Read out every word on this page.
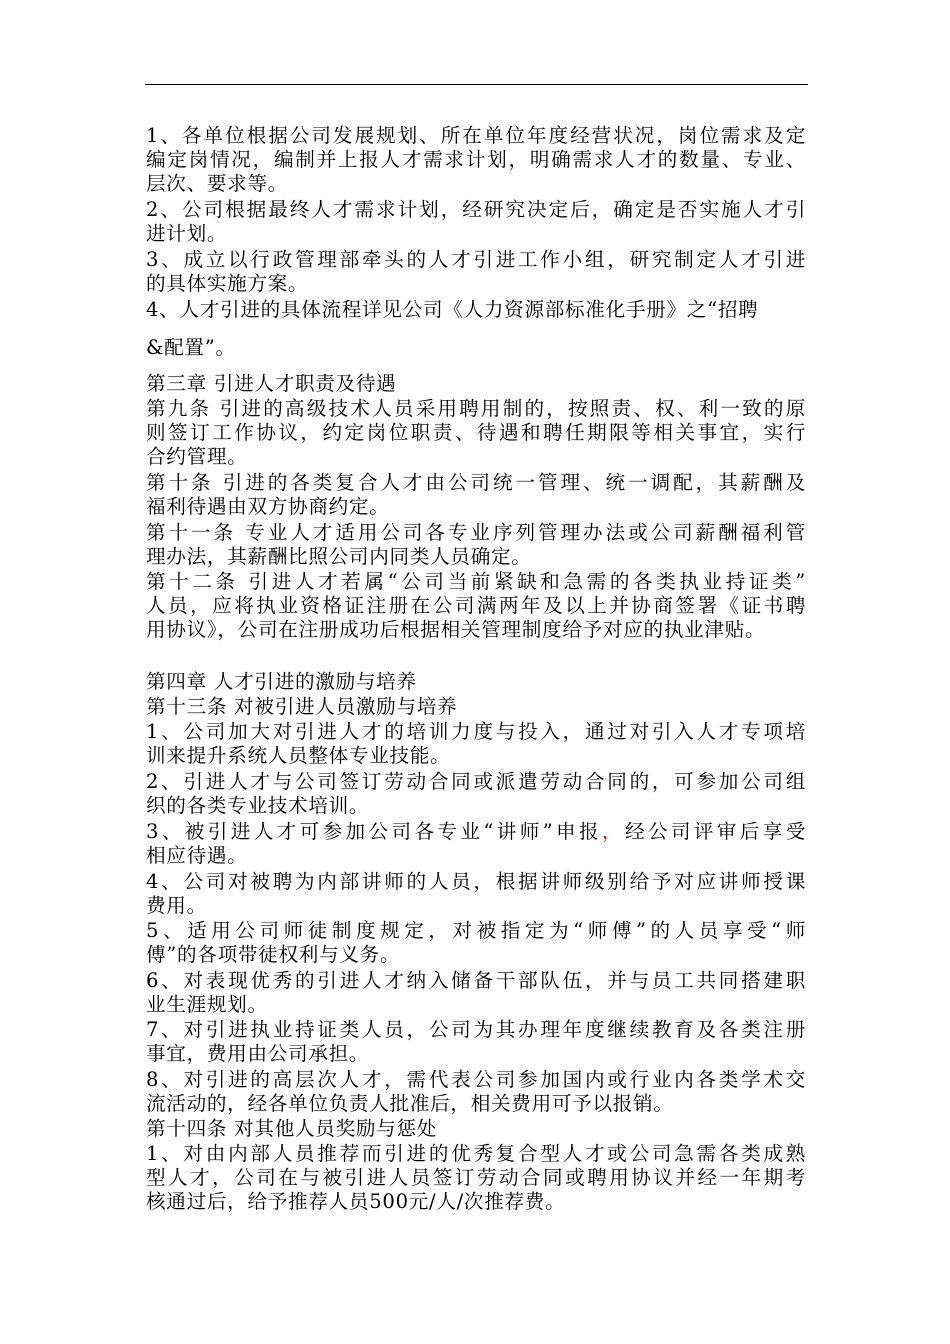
1、各单位根据公司发展规划、所在单位年度经营状况，岗位需求及定
编定岗情况，编制并上报人才需求计划，明确需求人才的数量、专业、
层次、要求等。
2、公司根据最终人才需求计划，经研究决定后，确定是否实施人才引
进计划。
3、成立以行政管理部牵头的人才引进工作小组，研究制定人才引进
的具体实施方案。
4、人才引进的具体流程详见公司《人力资源部标准化手册》之“招聘
&配置”。
第三章 引进人才职责及待遇
第九条 引进的高级技术人员采用聘用制的，按照责、权、利一致的原
则签订工作协议，约定岗位职责、待遇和聘任期限等相关事宜，实行
合约管理。
第十条 引进的各类复合人才由公司统一管理、统一调配，其薪酬及
福利待遇由双方协商约定。
第十一条 专业人才适用公司各专业序列管理办法或公司薪酬福利管
理办法，其薪酬比照公司内同类人员确定。
第十二条 引进人才若属“公司当前紧缺和急需的各类执业持证类”
人员，应将执业资格证注册在公司满两年及以上并协商签署《证书聘
用协议》，公司在注册成功后根据相关管理制度给予对应的执业津贴。
第四章 人才引进的激励与培养
第十三条 对被引进人员激励与培养
1、公司加大对引进人才的培训力度与投入，通过对引入人才专项培
训来提升系统人员整体专业技能。
2、引进人才与公司签订劳动合同或派遣劳动合同的，可参加公司组
织的各类专业技术培训。
3、被引进人才可参加公司各专业“讲师”申报，经公司评审后享受
相应待遇。
4、公司对被聘为内部讲师的人员，根据讲师级别给予对应讲师授课
费用。
5、适用公司师徒制度规定，对被指定为“师傅”的人员享受“师
傅”的各项带徒权利与义务。
6、对表现优秀的引进人才纳入储备干部队伍，并与员工共同搭建职
业生涯规划。
7、对引进执业持证类人员，公司为其办理年度继续教育及各类注册
事宜，费用由公司承担。
8、对引进的高层次人才，需代表公司参加国内或行业内各类学术交
流活动的，经各单位负责人批准后，相关费用可予以报销。
第十四条 对其他人员奖励与惩处
1、对由内部人员推荐而引进的优秀复合型人才或公司急需各类成熟
型人才，公司在与被引进人员签订劳动合同或聘用协议并经一年期考
核通过后，给予推荐人员500元/人/次推荐费。
